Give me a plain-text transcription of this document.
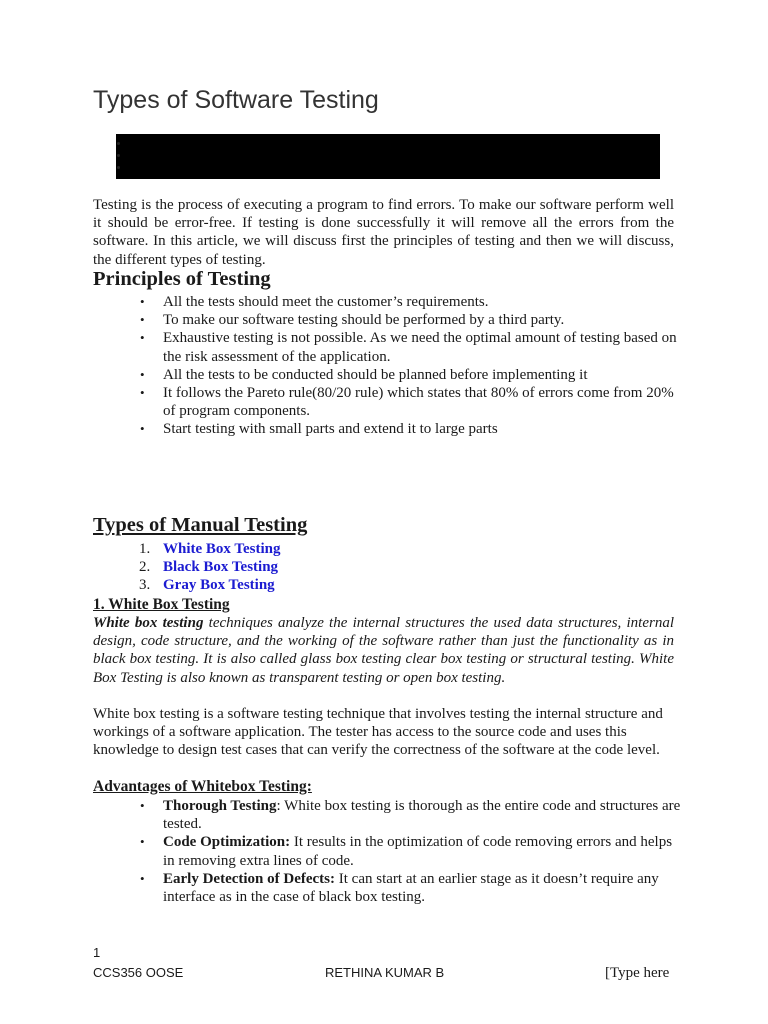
Types of Software Testing

Testing is the process of executing a program to find errors. To make our software perform well it should be error-free. If testing is done successfully it will remove all the errors from the software. In this article, we will discuss first the principles of testing and then we will discuss, the different types of testing.

Principles of Testing
• All the tests should meet the customer’s requirements.
• To make our software testing should be performed by a third party.
• Exhaustive testing is not possible. As we need the optimal amount of testing based on the risk assessment of the application.
• All the tests to be conducted should be planned before implementing it
• It follows the Pareto rule(80/20 rule) which states that 80% of errors come from 20% of program components.
• Start testing with small parts and extend it to large parts
Types of Manual Testing
1. White Box Testing
2. Black Box Testing
3. Gray Box Testing
1. White Box Testing

White box testing techniques analyze the internal structures the used data structures, internal design, code structure, and the working of the software rather than just the functionality as in black box testing. It is also called glass box testing clear box testing or structural testing. White Box Testing is also known as transparent testing or open box testing.

White box testing is a software testing technique that involves testing the internal structure and workings of a software application. The tester has access to the source code and uses this knowledge to design test cases that can verify the correctness of the software at the code level.

Advantages of Whitebox Testing:
• Thorough Testing: White box testing is thorough as the entire code and structures are tested.
• Code Optimization: It results in the optimization of code removing errors and helps in removing extra lines of code.
• Early Detection of Defects: It can start at an earlier stage as it doesn’t require any interface as in the case of black box testing.
1
CCS356 OOSE	RETHINA KUMAR B	[Type here
